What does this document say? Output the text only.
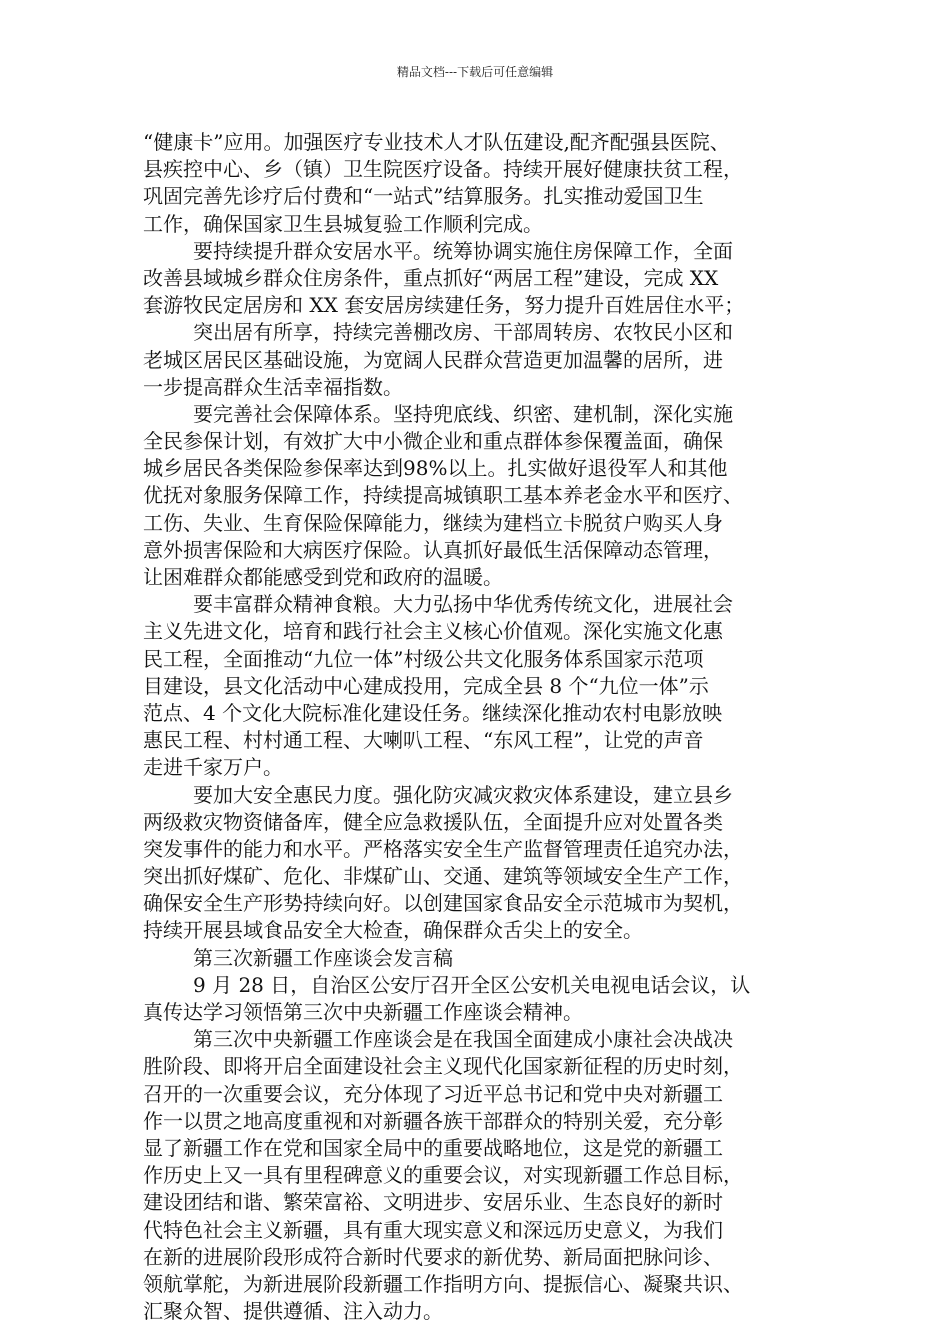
精品文档---下载后可任意编辑
“健康卡”应用。加强医疗专业技术人才队伍建设,配齐配强县医院、
县疾控中心、乡（镇）卫生院医疗设备。持续开展好健康扶贫工程，
巩固完善先诊疗后付费和“一站式”结算服务。扎实推动爱国卫生
工作，确保国家卫生县城复验工作顺利完成。
要持续提升群众安居水平。统筹协调实施住房保障工作，全面
改善县域城乡群众住房条件，重点抓好“两居工程”建设，完成 XX
套游牧民定居房和 XX 套安居房续建任务，努力提升百姓居住水平；
突出居有所享，持续完善棚改房、干部周转房、农牧民小区和
老城区居民区基础设施，为宽阔人民群众营造更加温馨的居所，进
一步提高群众生活幸福指数。
要完善社会保障体系。坚持兜底线、织密、建机制，深化实施
全民参保计划，有效扩大中小微企业和重点群体参保覆盖面，确保
城乡居民各类保险参保率达到98%以上。扎实做好退役军人和其他
优抚对象服务保障工作，持续提高城镇职工基本养老金水平和医疗、
工伤、失业、生育保险保障能力，继续为建档立卡脱贫户购买人身
意外损害保险和大病医疗保险。认真抓好最低生活保障动态管理，
让困难群众都能感受到党和政府的温暖。
要丰富群众精神食粮。大力弘扬中华优秀传统文化，进展社会
主义先进文化，培育和践行社会主义核心价值观。深化实施文化惠
民工程，全面推动“九位一体”村级公共文化服务体系国家示范项
目建设，县文化活动中心建成投用，完成全县 8 个“九位一体”示
范点、4 个文化大院标准化建设任务。继续深化推动农村电影放映
惠民工程、村村通工程、大喇叭工程、“东风工程”，让党的声音
走进千家万户。
要加大安全惠民力度。强化防灾减灾救灾体系建设，建立县乡
两级救灾物资储备库，健全应急救援队伍，全面提升应对处置各类
突发事件的能力和水平。严格落实安全生产监督管理责任追究办法，
突出抓好煤矿、危化、非煤矿山、交通、建筑等领域安全生产工作，
确保安全生产形势持续向好。以创建国家食品安全示范城市为契机，
持续开展县域食品安全大检查，确保群众舌尖上的安全。
第三次新疆工作座谈会发言稿
9 月 28 日，自治区公安厅召开全区公安机关电视电话会议，认
真传达学习领悟第三次中央新疆工作座谈会精神。
第三次中央新疆工作座谈会是在我国全面建成小康社会决战决
胜阶段、即将开启全面建设社会主义现代化国家新征程的历史时刻，
召开的一次重要会议，充分体现了习近平总书记和党中央对新疆工
作一以贯之地高度重视和对新疆各族干部群众的特别关爱，充分彰
显了新疆工作在党和国家全局中的重要战略地位，这是党的新疆工
作历史上又一具有里程碑意义的重要会议，对实现新疆工作总目标，
建设团结和谐、繁荣富裕、文明进步、安居乐业、生态良好的新时
代特色社会主义新疆，具有重大现实意义和深远历史意义，为我们
在新的进展阶段形成符合新时代要求的新优势、新局面把脉问诊、
领航掌舵，为新进展阶段新疆工作指明方向、提振信心、凝聚共识、
汇聚众智、提供遵循、注入动力。
